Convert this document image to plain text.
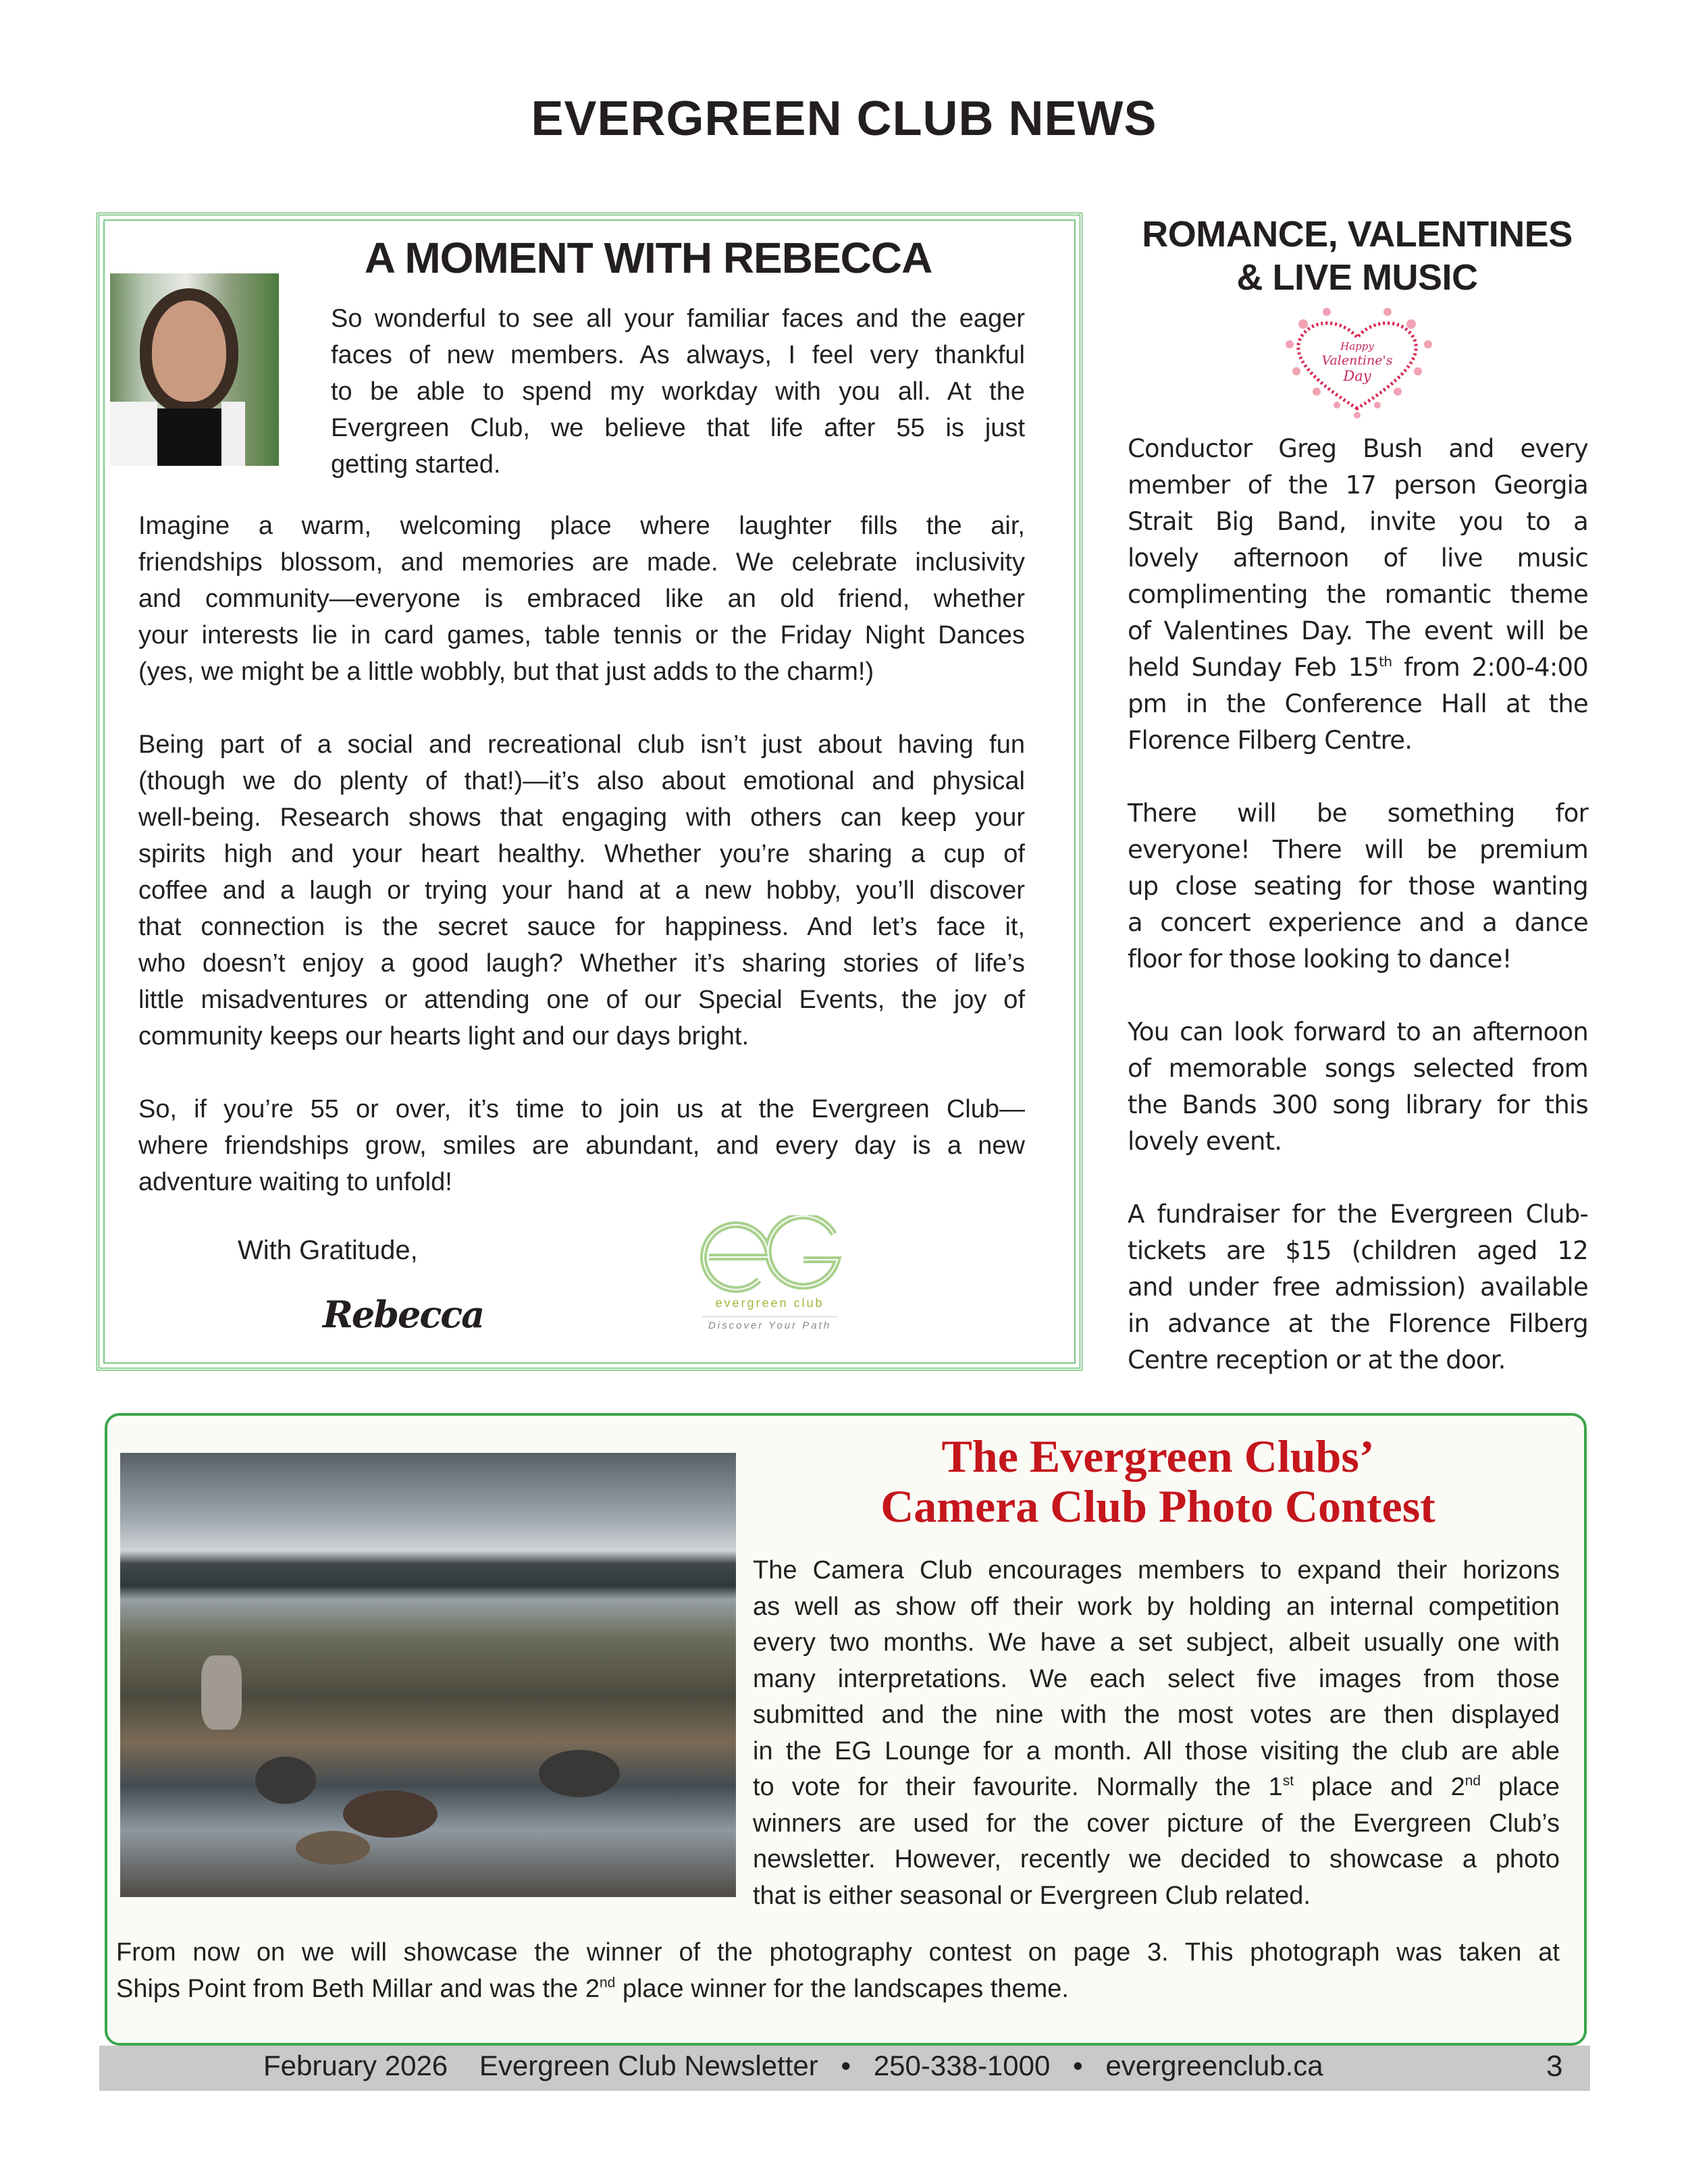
EVERGREEN CLUB NEWS
A MOMENT WITH REBECCA
So wonderful to see all your familiar faces and the eager
faces of new members. As always, I feel very thankful
to be able to spend my workday with you all. At the
Evergreen Club, we believe that life after 55 is just
getting started.
Imagine a warm, welcoming place where laughter fills the air,
friendships blossom, and memories are made. We celebrate inclusivity
and community—everyone is embraced like an old friend, whether
your interests lie in card games, table tennis or the Friday Night Dances
(yes, we might be a little wobbly, but that just adds to the charm!)
Being part of a social and recreational club isn’t just about having fun
(though we do plenty of that!)—it’s also about emotional and physical
well-being. Research shows that engaging with others can keep your
spirits high and your heart healthy. Whether you’re sharing a cup of
coffee and a laugh or trying your hand at a new hobby, you’ll discover
that connection is the secret sauce for happiness. And let’s face it,
who doesn’t enjoy a good laugh? Whether it’s sharing stories of life’s
little misadventures or attending one of our Special Events, the joy of
community keeps our hearts light and our days bright.
So, if you’re 55 or over, it’s time to join us at the Evergreen Club—
where friendships grow, smiles are abundant, and every day is a new
adventure waiting to unfold!
With Gratitude,
Rebecca	evergreen club
Discover Your Path
ROMANCE, VALENTINES
& LIVE MUSIC
Happy
Valentine's
Day
Conductor Greg Bush and every
member of the 17 person Georgia
Strait Big Band, invite you to a
lovely afternoon of live music
complimenting the romantic theme
of Valentines Day. The event will be
held Sunday Feb 15th from 2:00-4:00
pm in the Conference Hall at the
Florence Filberg Centre.
There will be something for
everyone! There will be premium
up close seating for those wanting
a concert experience and a dance
floor for those looking to dance!
You can look forward to an afternoon
of memorable songs selected from
the Bands 300 song library for this
lovely event.
A fundraiser for the Evergreen Club-
tickets are $15 (children aged 12
and under free admission) available
in advance at the Florence Filberg
Centre reception or at the door.
The Evergreen Clubs’
Camera Club Photo Contest
The Camera Club encourages members to expand their horizons
as well as show off their work by holding an internal competition
every two months. We have a set subject, albeit usually one with
many interpretations. We each select five images from those
submitted and the nine with the most votes are then displayed
in the EG Lounge for a month. All those visiting the club are able
to vote for their favourite. Normally the 1st place and 2nd place
winners are used for the cover picture of the Evergreen Club’s
newsletter. However, recently we decided to showcase a photo
that is either seasonal or Evergreen Club related.
From now on we will showcase the winner of the photography contest on page 3. This photograph was taken at
Ships Point from Beth Millar and was the 2nd place winner for the landscapes theme.
February 2026 Evergreen Club Newsletter • 250-338-1000 • evergreenclub.ca	3
